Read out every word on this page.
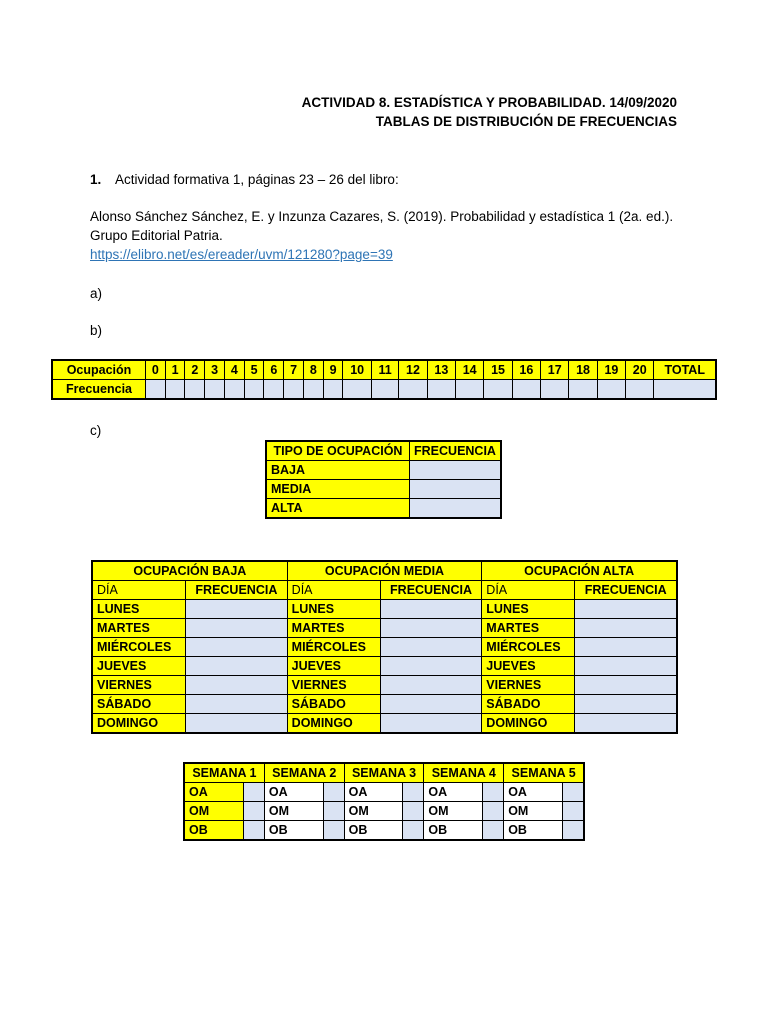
ACTIVIDAD 8. ESTADÍSTICA Y PROBABILIDAD. 14/09/2020
TABLAS DE DISTRIBUCIÓN DE FRECUENCIAS
1. Actividad formativa 1, páginas 23 – 26 del libro:
Alonso Sánchez Sánchez, E. y Inzunza Cazares, S. (2019). Probabilidad y estadística 1 (2a. ed.).
Grupo Editorial Patria.
https://elibro.net/es/ereader/uvm/121280?page=39
a)
b)
Ocupación	0	1	2	3	4	5	6	7	8	9	10	11	12	13	14	15	16	17	18	19	20	TOTAL
Frecuencia																						
c)
TIPO DE OCUPACIÓN	FRECUENCIA
BAJA	
MEDIA	
ALTA	
OCUPACIÓN BAJA		OCUPACIÓN MEDIA		OCUPACIÓN ALTA	
DÍA	FRECUENCIA	DÍA	FRECUENCIA	DÍA	FRECUENCIA
LUNES		LUNES		LUNES	
MARTES		MARTES		MARTES	
MIÉRCOLES		MIÉRCOLES		MIÉRCOLES	
JUEVES		JUEVES		JUEVES	
VIERNES		VIERNES		VIERNES	
SÁBADO		SÁBADO		SÁBADO	
DOMINGO		DOMINGO		DOMINGO	
SEMANA 1		SEMANA 2		SEMANA 3		SEMANA 4		SEMANA 5	
OA		OA		OA		OA		OA	
OM		OM		OM		OM		OM	
OB		OB		OB		OB		OB	
